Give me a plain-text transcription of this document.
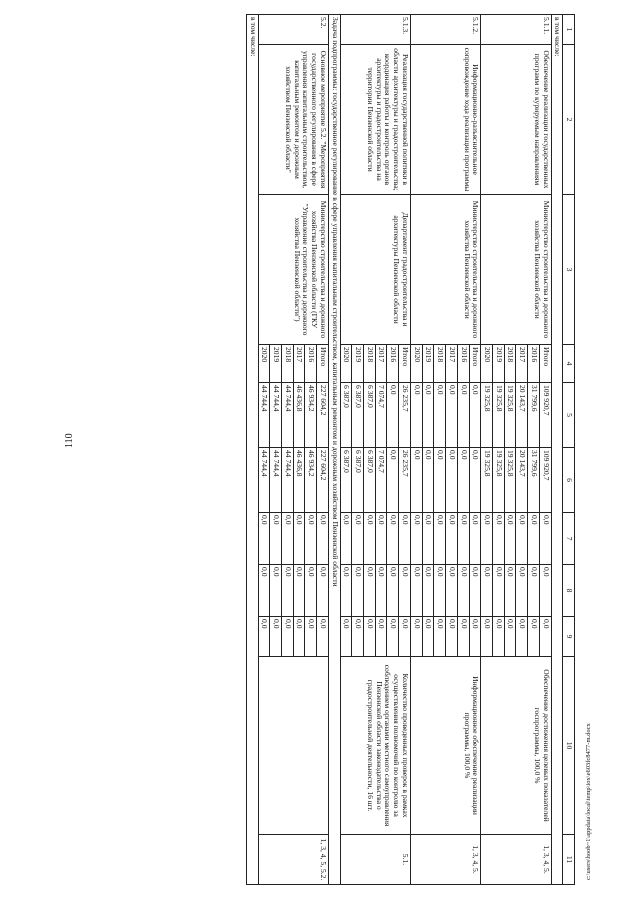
110
1	2	3	4	5	6	7	8	9	10	11
в том числе:										
5.1.1.	Обеспечение реализации государственных программ по курируемым направлениям	Министерство строительства и дорожного хозяйства Пензенской области	Итого	109 920,7	109 920,7	0,0	0,0	0,0	Обеспечение достижения целевых показателей госпрограммы, 100,0 %	1, 3, 4, 5.
			2016	31 799,6	31 799,6	0,0	0,0	0,0		
			2017	20 143,7	20 143,7	0,0	0,0	0,0		
			2018	19 325,8	19 325,8	0,0	0,0	0,0		
			2019	19 325,8	19 325,8	0,0	0,0	0,0		
			2020	19 325,8	19 325,8	0,0	0,0	0,0		
5.1.2.	Информационно-разъяснительное сопровождение хода реализации программы	Министерство строительства и дорожного хозяйства Пензенской области	Итого	0,0	0,0	0,0	0,0	0,0	Информационное обеспечение реализации программы, 100,0 %	1, 3, 4, 5.
			2016	0,0	0,0	0,0	0,0	0,0		
			2017	0,0	0,0	0,0	0,0	0,0		
			2018	0,0	0,0	0,0	0,0	0,0		
			2019	0,0	0,0	0,0	0,0	0,0		
			2020	0,0	0,0	0,0	0,0	0,0		
5.1.3.	Реализация государственной политики в области архитектуры и градостроительства; координация работы и контроль органов архитектуры и градостроительства на территории Пензенской области	Департамент градостроительства и архитектуры Пензенской области	Итого	26 235,7	26 235,7	0,0	0,0	0,0	Количество проведенных проверок в рамках осуществления полномочий по контролю за соблюдением органами местного самоуправления Пензенской области законодательства о градостроительной деятельности, 16 шт.	5.1.
			2016	0,0	0,0	0,0	0,0	0,0		
			2017	7 074,7	7 074,7	0,0	0,0	0,0		
			2018	6 387,0	6 387,0	0,0	0,0	0,0		
			2019	6 387,0	6 387,0	0,0	0,0	0,0		
			2020	6 387,0	6 387,0	0,0	0,0	0,0		
Задача подпрограммы: государственное регулирование в сфере управления капитальным строительством, капитальным ремонтом и дорожным хозяйством Пензенской области										
5.2.	Основное мероприятие 5.2. "Мероприятия государственного регулирования в сфере управления капитальным строительством, капитальным ремонтом и дорожным хозяйством Пензенской области"	Министерство строительства и дорожного хозяйства Пензенской области (ГКУ "Управление строительства и дорожного хозяйства Пензенской области")	Итого	227 604,2	227 604,2	0,0	0,0	0,0		1, 3, 4, 5, 5.2.
			2016	46 934,2	46 934,2	0,0	0,0	0,0		
			2017	46 436,8	46 436,8	0,0	0,0	0,0		
			2018	44 744,4	44 744,4	0,0	0,0	0,0		
			2019	44 744,4	44 744,4	0,0	0,0	0,0		
			2020	44 744,4	44 744,4	0,0	0,0	0,0		
в том числе:										
c:\users\hoob~1\appdata\local\temp\iox\e603fc8477-m.docx
